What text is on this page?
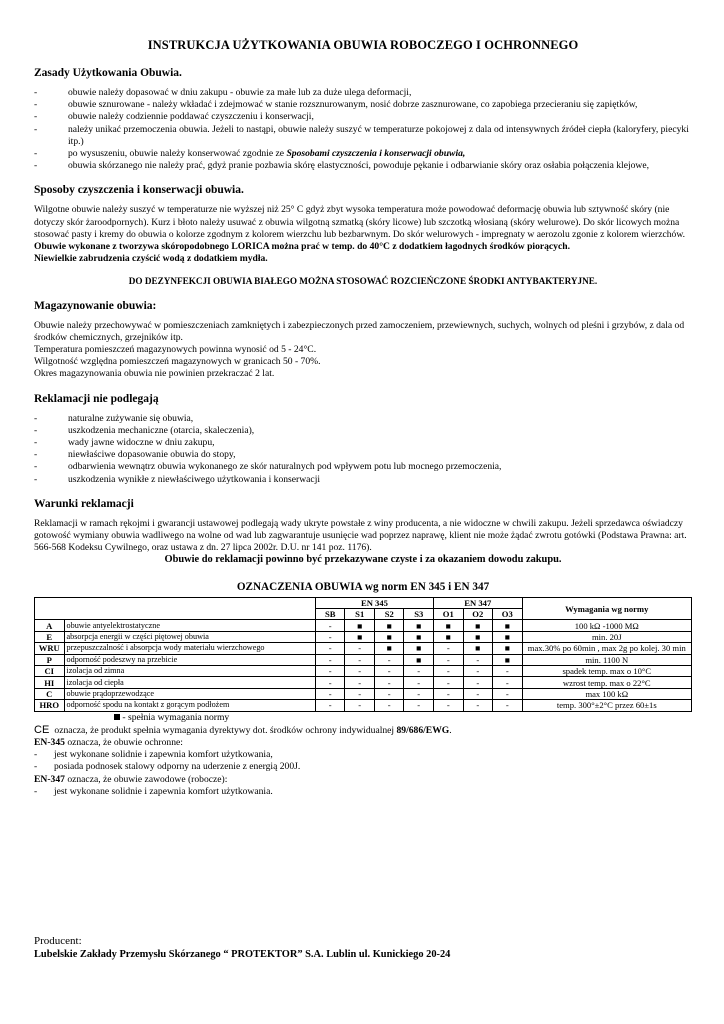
INSTRUKCJA UŻYTKOWANIA OBUWIA ROBOCZEGO I OCHRONNEGO
Zasady Użytkowania Obuwia.
- obuwie należy dopasować w dniu zakupu - obuwie za małe lub za duże ulega deformacji,
- obuwie sznurowane - należy wkładać i zdejmować w stanie rozsznurowanym, nosić dobrze zasznurowane, co zapobiega przecieraniu się zapiętków,
- obuwie należy codziennie poddawać czyszczeniu i konserwacji,
- należy unikać przemoczenia obuwia. Jeżeli to nastąpi, obuwie należy suszyć w temperaturze pokojowej z dala od intensywnych źródeł ciepła (kaloryfery, piecyki itp.)
- po wysuszeniu, obuwie należy konserwować zgodnie ze Sposobami czyszczenia i konserwacji obuwia,
- obuwia skórzanego nie należy prać, gdyż pranie pozbawia skórę elastyczności, powoduje pękanie i odbarwianie skóry oraz osłabia połączenia klejowe,
Sposoby czyszczenia i konserwacji obuwia.

Wilgotne obuwie należy suszyć w temperaturze nie wyższej niż 25° C gdyż zbyt wysoka temperatura może powodować deformację obuwia lub sztywność skóry (nie dotyczy skór żaroodpornych). Kurz i błoto należy usuwać z obuwia wilgotną szmatką (skóry licowe) lub szczotką włosianą (skóry welurowe). Do skór licowych można stosować pasty i kremy do obuwia o kolorze zgodnym z kolorem wierzchu lub bezbarwnym. Do skór welurowych - impregnaty w aerozolu zgonie z kolorem wierzchów.

Obuwie wykonane z tworzywa skóropodobnego LORICA można prać w temp. do 40°C z dodatkiem łagodnych środków piorących.

Niewielkie zabrudzenia czyścić wodą z dodatkiem mydła.

DO DEZYNFEKCJI OBUWIA BIAŁEGO MOŻNA STOSOWAĆ ROZCIEŃCZONE ŚRODKI ANTYBAKTERYJNE.

Magazynowanie obuwia:

Obuwie należy przechowywać w pomieszczeniach zamkniętych i zabezpieczonych przed zamoczeniem, przewiewnych, suchych, wolnych od pleśni i grzybów, z dala od środków chemicznych, grzejników itp.

Temperatura pomieszczeń magazynowych powinna wynosić od 5 - 24°C.

Wilgotność względna pomieszczeń magazynowych w granicach 50 - 70%.

Okres magazynowania obuwia nie powinien przekraczać 2 lat.

Reklamacji nie podlegają
- naturalne zużywanie się obuwia,
- uszkodzenia mechaniczne (otarcia, skaleczenia),
- wady jawne widoczne w dniu zakupu,
- niewłaściwe dopasowanie obuwia do stopy,
- odbarwienia wewnątrz obuwia wykonanego ze skór naturalnych pod wpływem potu lub mocnego przemoczenia,
- uszkodzenia wynikłe z niewłaściwego użytkowania i konserwacji
Warunki reklamacji

Reklamacji w ramach rękojmi i gwarancji ustawowej podlegają wady ukryte powstałe z winy producenta, a nie widoczne w chwili zakupu. Jeżeli sprzedawca oświadczy gotowość wymiany obuwia wadliwego na wolne od wad lub zagwarantuje usunięcie wad poprzez naprawę, klient nie może żądać zwrotu gotówki (Podstawa Prawna: art. 566-568 Kodeksu Cywilnego, oraz ustawa z dn. 27 lipca 2002r. D.U. nr 141 poz. 1176).

Obuwie do reklamacji powinno być przekazywane czyste i za okazaniem dowodu zakupu.

OZNACZENIA OBUWIA wg norm EN 345 i EN 347
		EN 345				EN 347			Wymagania wg normy
		SB	S1	S2	S3	O1	O2	O3	
A	obuwie antyelektrostatyczne	-	■	■	■	■	■	■	100 kΩ -1000 MΩ
E	absorpcja energii w części piętowej obuwia	-	■	■	■	■	■	■	min. 20J
WRU	przepuszczalność i absorpcja wody materiału wierzchowego	-	-	■	■	-	■	■	max.30% po 60min , max 2g po kolej. 30 min
P	odporność podeszwy na przebicie	-	-	-	■	-	-	■	min. 1100 N
CI	izolacja od zimna	-	-	-	-	-	-	-	spadek temp. max o 10°C
HI	izolacja od ciepła	-	-	-	-	-	-	-	wzrost temp. max o 22°C
C	obuwie prądoprzewodzące	-	-	-	-	-	-	-	max 100 kΩ
HRO	odporność spodu na kontakt z gorącym podłożem	-	-	-	-	-	-	-	temp. 300°±2°C przez 60±1s
- spełnia wymagania normy
CE oznacza, że produkt spełnia wymagania dyrektywy dot. środków ochrony indywidualnej 89/686/EWG.
EN-345 oznacza, że obuwie ochronne:
- jest wykonane solidnie i zapewnia komfort użytkowania,
- posiada podnosek stalowy odporny na uderzenie z energią 200J.
EN-347 oznacza, że obuwie zawodowe (robocze):
- jest wykonane solidnie i zapewnia komfort użytkowania.

Producent:

Lubelskie Zakłady Przemysłu Skórzanego “ PROTEKTOR” S.A. Lublin ul. Kunickiego 20-24
